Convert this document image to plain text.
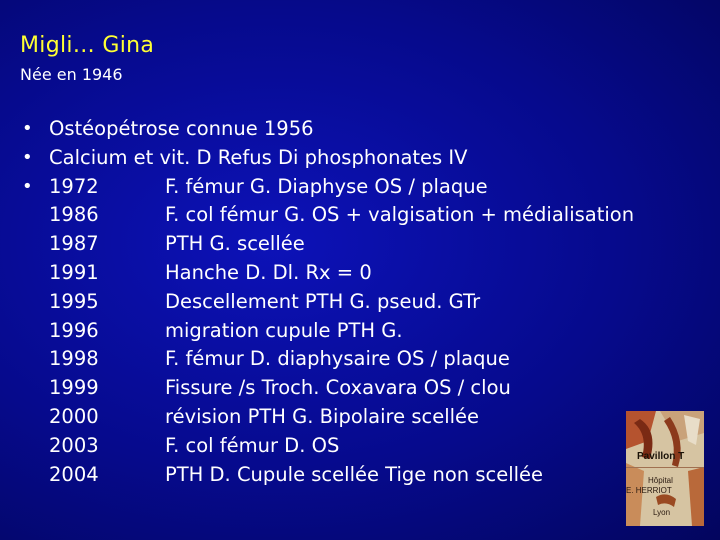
Migli… Gina
Née en 1946
• Ostéopétrose connue 1956
• Calcium et vit. D Refus Di phosphonates IV
• 1972	F. fémur G. Diaphyse OS / plaque
1986	F. col fémur G. OS + valgisation + médialisation
1987	PTH G. scellée
1991	Hanche D. Dl. Rx = 0
1995	Descellement PTH G. pseud. GTr
1996	migration cupule PTH G.
1998	F. fémur D. diaphysaire OS / plaque
1999	Fissure /s Troch. Coxavara OS / clou
2000	révision PTH G. Bipolaire scellée
2003	F. col fémur D. OS
2004	PTH D. Cupule scellée Tige non scellée
Pavillon T
Hôpital
E. HERRIOT
Lyon
